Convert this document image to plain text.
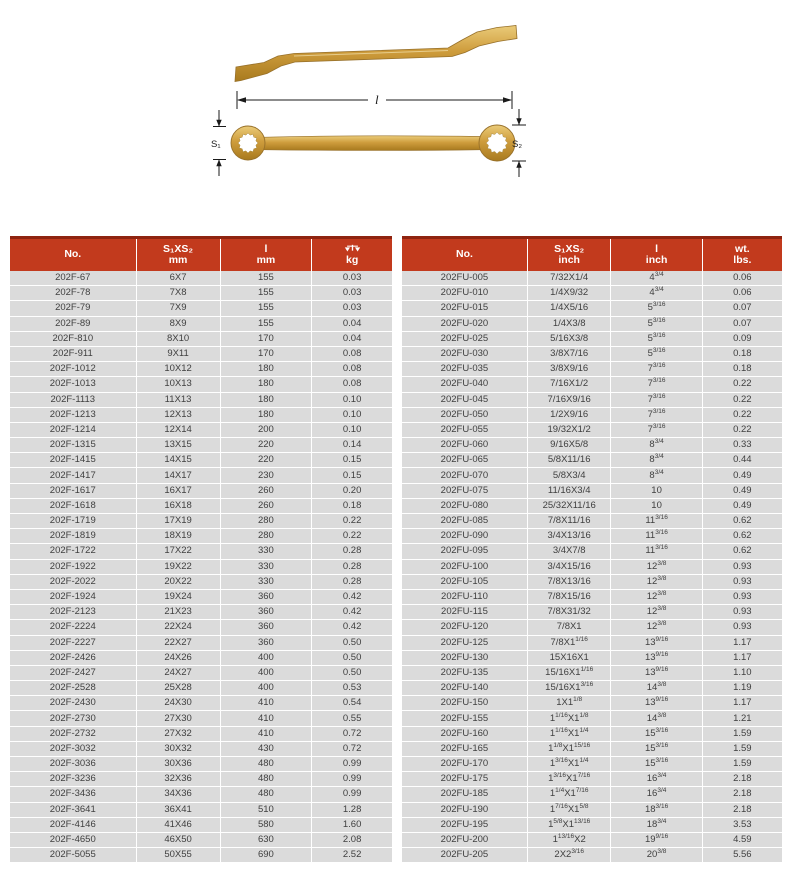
l
S₁	S₂
No.	S₁XS₂
mm

l
mm	kg

202F-67	6X7	155	0.03
202F-78	7X8	155	0.03
202F-79	7X9	155	0.03
202F-89	8X9	155	0.04
202F-810	8X10	170	0.04
202F-911	9X11	170	0.08
202F-1012	10X12	180	0.08
202F-1013	10X13	180	0.08
202F-1113	11X13	180	0.10
202F-1213	12X13	180	0.10
202F-1214	12X14	200	0.10
202F-1315	13X15	220	0.14
202F-1415	14X15	220	0.15
202F-1417	14X17	230	0.15
202F-1617	16X17	260	0.20
202F-1618	16X18	260	0.18
202F-1719	17X19	280	0.22
202F-1819	18X19	280	0.22
202F-1722	17X22	330	0.28
202F-1922	19X22	330	0.28
202F-2022	20X22	330	0.28
202F-1924	19X24	360	0.42
202F-2123	21X23	360	0.42
202F-2224	22X24	360	0.42
202F-2227	22X27	360	0.50
202F-2426	24X26	400	0.50
202F-2427	24X27	400	0.50
202F-2528	25X28	400	0.53
202F-2430	24X30	410	0.54
202F-2730	27X30	410	0.55
202F-2732	27X32	410	0.72
202F-3032	30X32	430	0.72
202F-3036	30X36	480	0.99
202F-3236	32X36	480	0.99
202F-3436	34X36	480	0.99
202F-3641	36X41	510	1.28
202F-4146	41X46	580	1.60
202F-4650	46X50	630	2.08
202F-5055	50X55	690	2.52
No.	S₁XS₂
inch

l
inch

wt.
lbs.

202FU-005	7/32X1/4	$4^{3/4}$	0.06
202FU-010	1/4X9/32	$4^{3/4}$	0.06
202FU-015	1/4X5/16	$5^{3/16}$	0.07
202FU-020	1/4X3/8	$5^{3/16}$	0.07
202FU-025	5/16X3/8	$5^{3/16}$	0.09
202FU-030	3/8X7/16	$5^{3/16}$	0.18
202FU-035	3/8X9/16	$7^{3/16}$	0.18
202FU-040	7/16X1/2	$7^{3/16}$	0.22
202FU-045	7/16X9/16	$7^{3/16}$	0.22
202FU-050	1/2X9/16	$7^{3/16}$	0.22
202FU-055	19/32X1/2	$7^{3/16}$	0.22
202FU-060	9/16X5/8	$8^{3/4}$	0.33
202FU-065	5/8X11/16	$8^{3/4}$	0.44
202FU-070	5/8X3/4	$8^{3/4}$	0.49
202FU-075	11/16X3/4	10	0.49
202FU-080	25/32X11/16	10	0.49
202FU-085	7/8X11/16	$11^{3/16}$	0.62
202FU-090	3/4X13/16	$11^{3/16}$	0.62
202FU-095	3/4X7/8	$11^{3/16}$	0.62
202FU-100	3/4X15/16	$12^{3/8}$	0.93
202FU-105	7/8X13/16	$12^{3/8}$	0.93
202FU-110	7/8X15/16	$12^{3/8}$	0.93
202FU-115	7/8X31/32	$12^{3/8}$	0.93
202FU-120	7/8X1	$12^{3/8}$	0.93
202FU-125	$7/8X1^{1/16}$	$13^{9/16}$	1.17
202FU-130	15X16X1	$13^{9/16}$	1.17
202FU-135	$15/16X1^{1/16}$	$13^{9/16}$	1.10
202FU-140	$15/16X1^{3/16}$	$14^{3/8}$	1.19
202FU-150	$1X1^{1/8}$	$13^{9/16}$	1.17
202FU-155	$1^{1/16}X1^{1/8}$	$14^{3/8}$	1.21
202FU-160	$1^{1/16}X1^{1/4}$	$15^{3/16}$	1.59
202FU-165	$1^{1/8}X1^{15/16}$	$15^{3/16}$	1.59
202FU-170	$1^{3/16}X1^{1/4}$	$15^{3/16}$	1.59
202FU-175	$1^{3/16}X1^{7/16}$	$16^{3/4}$	2.18
202FU-185	$1^{1/4}X1^{7/16}$	$16^{3/4}$	2.18
202FU-190	$1^{7/16}X1^{5/8}$	$18^{3/16}$	2.18
202FU-195	$1^{5/8}X1^{13/16}$	$18^{3/4}$	3.53
202FU-200	$1^{13/16}X2$	$19^{9/16}$	4.59
202FU-205	$2X2^{3/16}$	$20^{3/8}$	5.56
